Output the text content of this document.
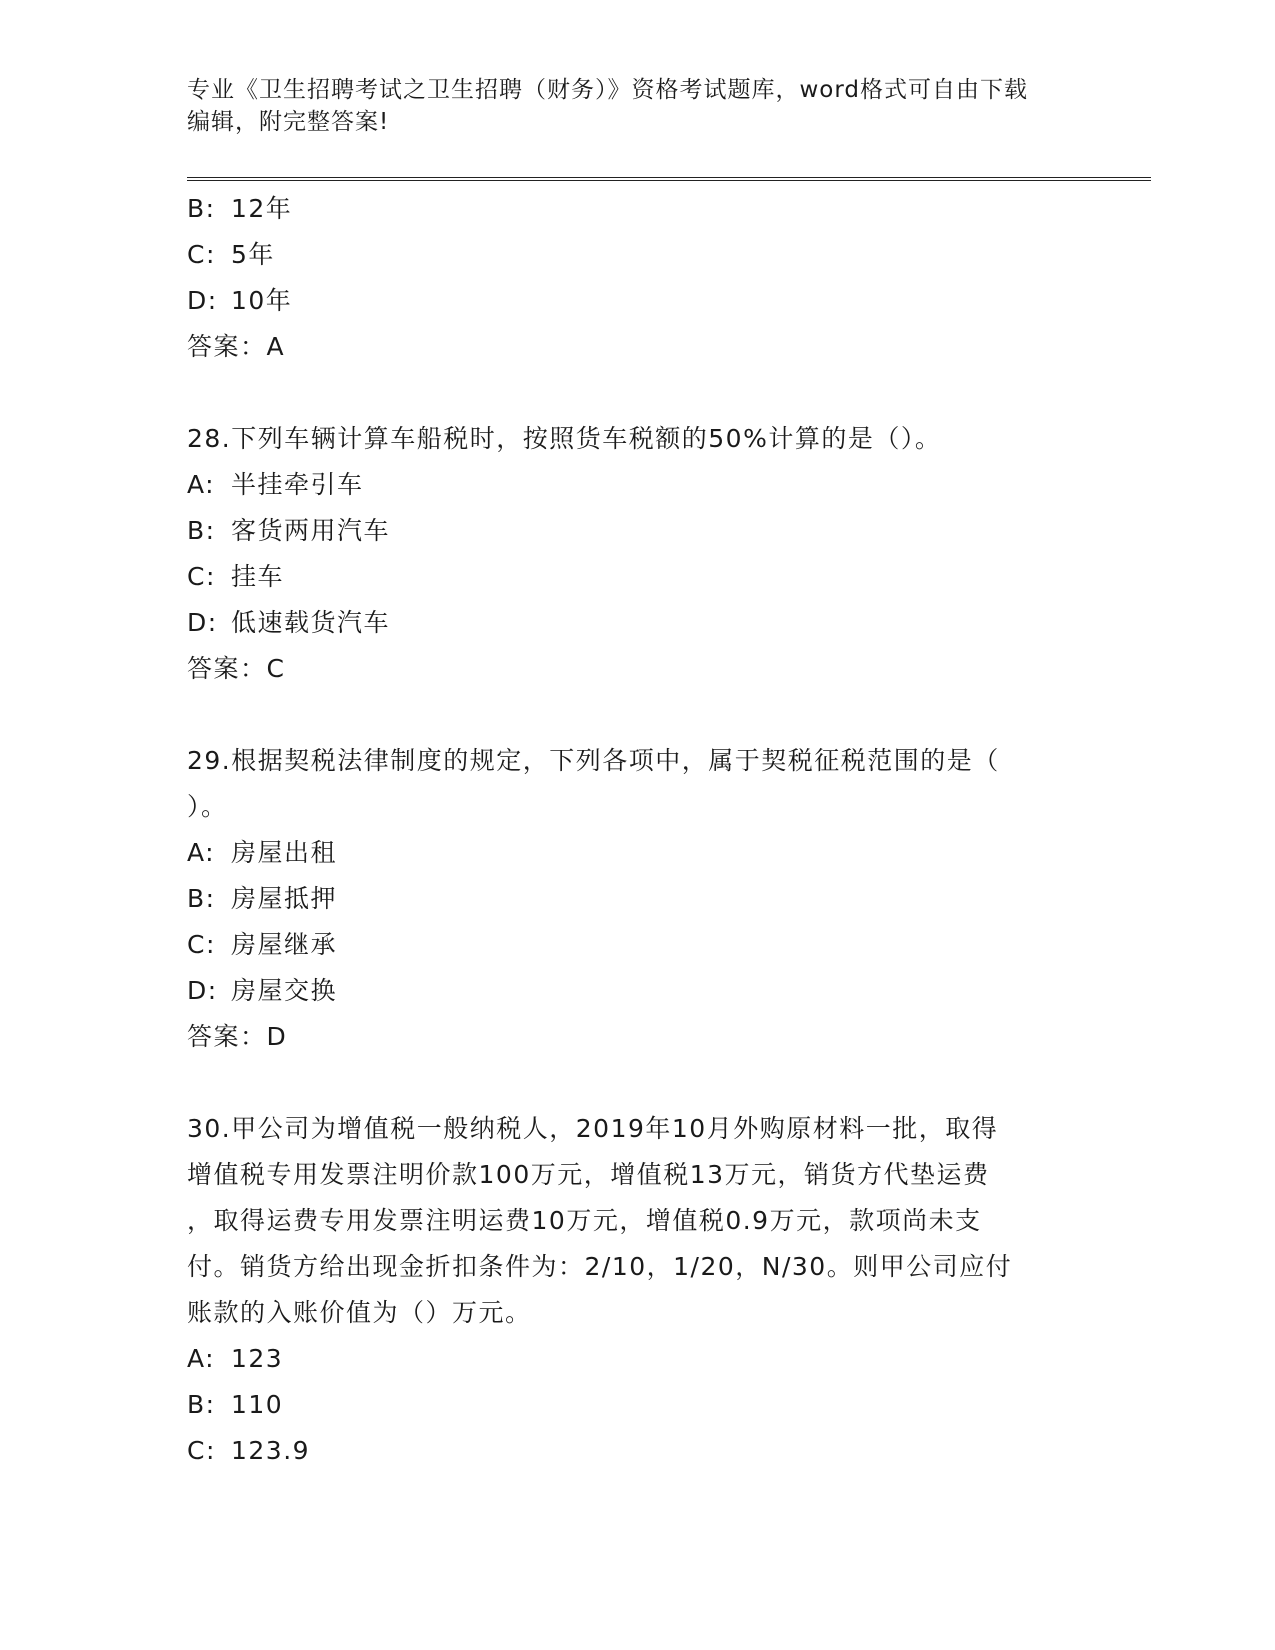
专业《卫生招聘考试之卫生招聘（财务）》资格考试题库，word格式可自由下载
编辑，附完整答案!
B: 12年
C: 5年
D: 10年
答案：A
28.下列车辆计算车船税时，按照货车税额的50%计算的是（）。
A: 半挂牵引车
B: 客货两用汽车
C: 挂车
D: 低速载货汽车
答案：C
29.根据契税法律制度的规定，下列各项中，属于契税征税范围的是（
）。
A: 房屋出租
B: 房屋抵押
C: 房屋继承
D: 房屋交换
答案：D
30.甲公司为增值税一般纳税人，2019年10月外购原材料一批，取得
增值税专用发票注明价款100万元，增值税13万元，销货方代垫运费
，取得运费专用发票注明运费10万元，增值税0.9万元，款项尚未支
付。销货方给出现金折扣条件为：2/10，1/20，N/30。则甲公司应付
账款的入账价值为（）万元。
A: 123
B: 110
C: 123.9
